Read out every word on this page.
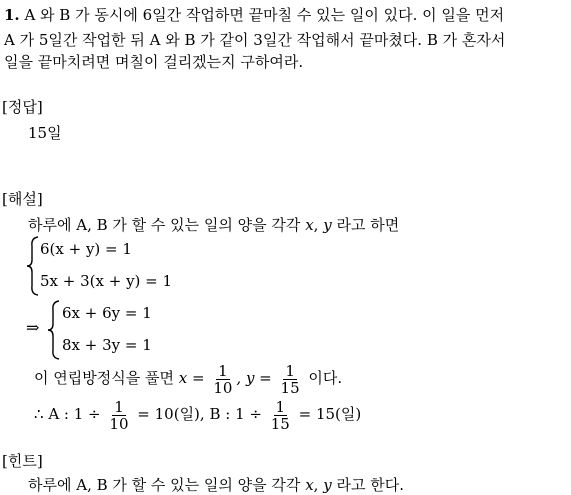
1. A 와 B 가 동시에 6일간 작업하면 끝마칠 수 있는 일이 있다. 이 일을 먼저
A 가 5일간 작업한 뒤 A 와 B 가 같이 3일간 작업해서 끝마쳤다. B 가 혼자서
일을 끝마치려면 며칠이 걸리겠는지 구하여라.
[정답]
15일
[해설]
하루에 A, B 가 할 수 있는 일의 양을 각각 x, y 라고 하면
6(x + y) = 1
5x + 3(x + y) = 1
⇒
6x + 6y = 1
8x + 3y = 1
이 연립방정식을 풀면 $x = \frac{1}{10}$ , $y = \frac{1}{15}$ 이다.
∴ A : $1 \div \frac{1}{10} = 10$(일), B : $1 \div \frac{1}{15} = 15$(일)
[힌트]
하루에 A, B 가 할 수 있는 일의 양을 각각 x, y 라고 한다.
